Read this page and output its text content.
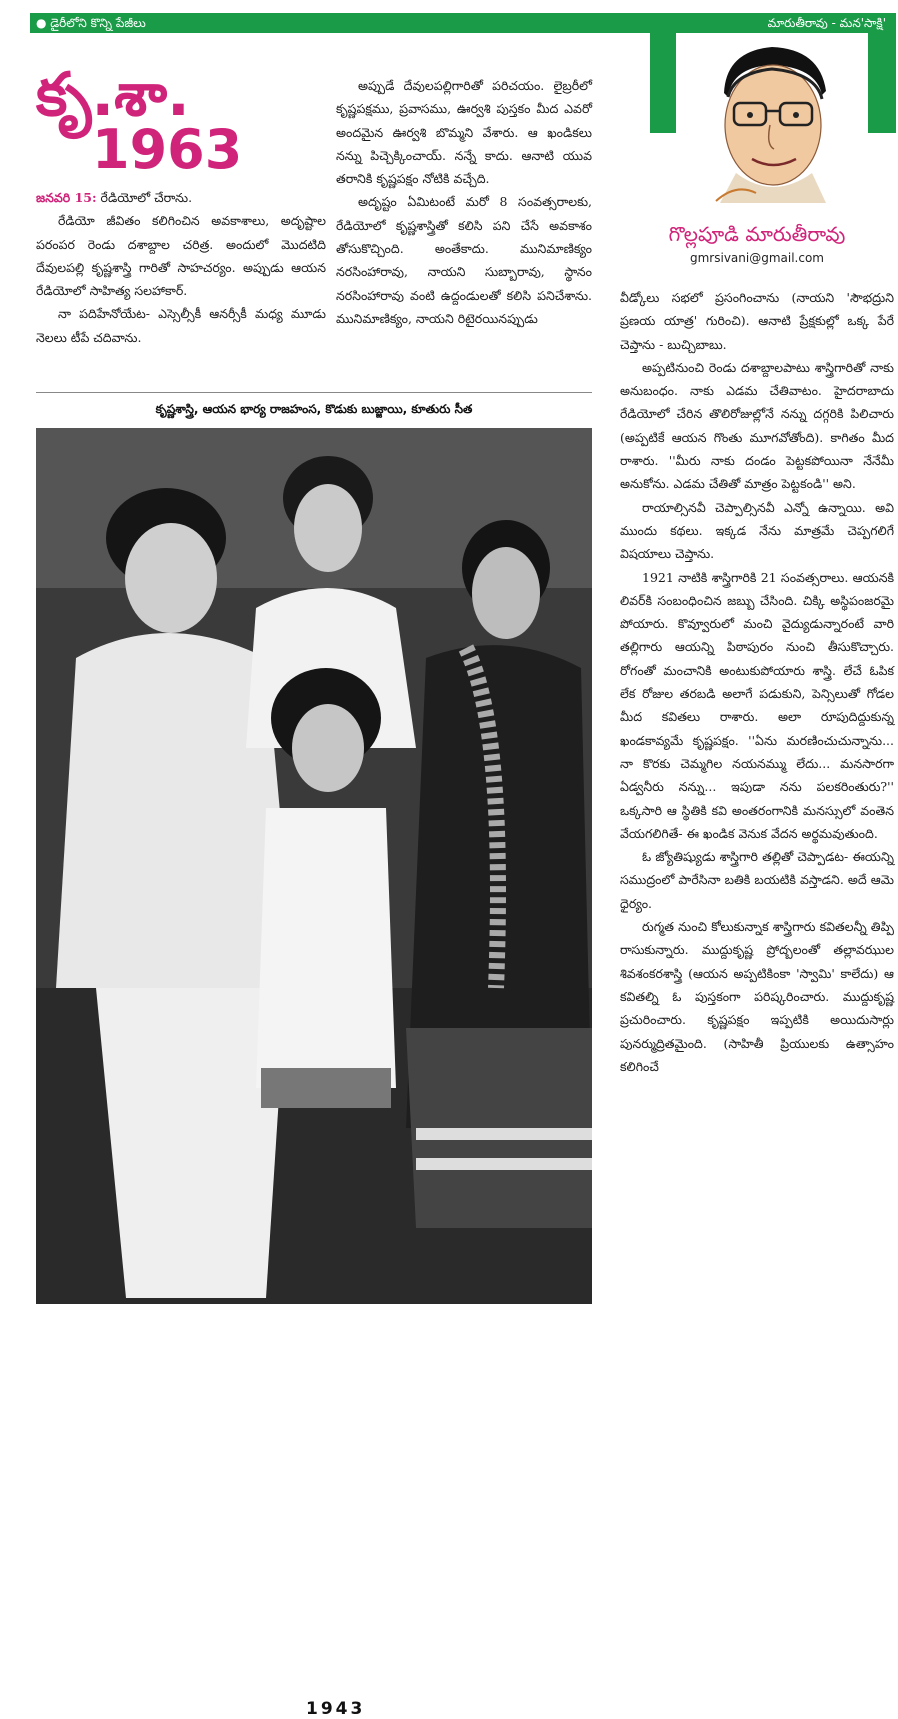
● డైరీలోని కొన్ని పేజీలు	మారుతీరావు - మన'సాక్షి'
గొల్లపూడి మారుతీరావు
gmrsivani@gmail.com
కృ.శా.
1963

జనవరి 15: రేడియోలో చేరాను.

రేడియో జీవితం కలిగించిన అవకాశాలు, అదృష్టాల పరంపర రెండు దశాబ్దాల చరిత్ర. అందులో మొదటిది దేవులపల్లి కృష్ణశాస్త్రి గారితో సాహచర్యం. అప్పుడు ఆయన రేడియోలో సాహిత్య సలహాకార్.

నా పదిహేనోయేట- ఎస్సెల్సీకీ ఆనర్సీకీ మధ్య మూడు నెలలు టీపే చదివాను.

అప్పుడే దేవులపల్లిగారితో పరిచయం. లైబ్రరీలో కృష్ణపక్షము, ప్రవాసము, ఊర్వశి పుస్తకం మీద ఎవరో అందమైన ఊర్వశి బొమ్మని వేశారు. ఆ ఖండికలు నన్ను పిచ్చెక్కించాయ్. నన్నే కాదు. ఆనాటి యువ తరానికి కృష్ణపక్షం నోటికి వచ్చేది.

అదృష్టం ఏమిటంటే మరో 8 సంవత్సరాలకు, రేడియోలో కృష్ణశాస్త్రితో కలిసి పని చేసే అవకాశం తోసుకొచ్చింది. అంతేకాదు. మునిమాణిక్యం నరసింహారావు, నాయని సుబ్బారావు, స్థానం నరసింహారావు వంటి ఉద్దండులతో కలిసి పనిచేశాను. మునిమాణిక్యం, నాయని రిటైరయినప్పుడు

కృష్ణశాస్త్రి, ఆయన భార్య రాజహంస, కొడుకు బుజ్జాయి, కూతురు సీత
1943

వీడ్కోలు సభలో ప్రసంగించాను (నాయని 'సౌభద్రుని ప్రణయ యాత్ర' గురించి). ఆనాటి ప్రేక్షకుల్లో ఒక్క పేరే చెప్తాను - బుచ్చిబాబు.

అప్పటినుంచి రెండు దశాబ్దాలపాటు శాస్త్రిగారితో నాకు అనుబంధం. నాకు ఎడమ చేతివాటం. హైదరాబాదు రేడియోలో చేరిన తొలిరోజుల్లోనే నన్ను దగ్గరికి పిలిచారు (అప్పటికే ఆయన గొంతు మూగవోతోంది). కాగితం మీద రాశారు. ''మీరు నాకు దండం పెట్టకపోయినా నేనేమీ అనుకోను. ఎడమ చేతితో మాత్రం పెట్టకండి'' అని.

రాయాల్సినవీ చెప్పాల్సినవీ ఎన్నో ఉన్నాయి. అవి ముందు కథలు. ఇక్కడ నేను మాత్రమే చెప్పగలిగే విషయాలు చెప్తాను.

1921 నాటికి శాస్త్రిగారికి 21 సంవత్సరాలు. ఆయనకి లివర్‌కి సంబంధించిన జబ్బు చేసింది. చిక్కి అస్థిపంజరమై పోయారు. కొవ్వూరులో మంచి వైద్యుడున్నారంటే వారి తల్లిగారు ఆయన్ని పిఠాపురం నుంచి తీసుకొచ్చారు. రోగంతో మంచానికి అంటుకుపోయారు శాస్త్రి. లేచే ఓపిక లేక రోజుల తరబడి అలాగే పడుకుని, పెన్సిలుతో గోడల మీద కవితలు రాశారు. అలా రూపుదిద్దుకున్న ఖండకావ్యమే కృష్ణపక్షం. ''ఏను మరణించుచున్నాను... నా కొరకు చెమ్మగిల నయనమ్ము లేదు... మనసారగా ఏడ్వనీరు నన్ను... ఇపుడా నను పలకరింతురు?'' ఒక్కసారి ఆ స్థితికి కవి అంతరంగానికి మనస్సులో వంతెన వేయగలిగితే- ఈ ఖండిక వెనుక వేదన అర్థమవుతుంది.

ఓ జ్యోతిష్యుడు శాస్త్రిగారి తల్లితో చెప్పాడట- ఈయన్ని సముద్రంలో పారేసినా బతికి బయటికి వస్తాడని. అదే ఆమె ధైర్యం.

రుగ్మత నుంచి కోలుకున్నాక శాస్త్రిగారు కవితలన్నీ తిప్పి రాసుకున్నారు. ముద్దుకృష్ణ ప్రోద్బలంతో తల్లావఝుల శివశంకరశాస్త్రి (ఆయన అప్పటికింకా 'స్వామి' కాలేదు) ఆ కవితల్ని ఓ పుస్తకంగా పరిష్కరించారు. ముద్దుకృష్ణ ప్రచురించారు. కృష్ణపక్షం ఇప్పటికి అయిదుసార్లు పునర్ముద్రితమైంది. (సాహితీ ప్రియులకు ఉత్సాహం కలిగించే
